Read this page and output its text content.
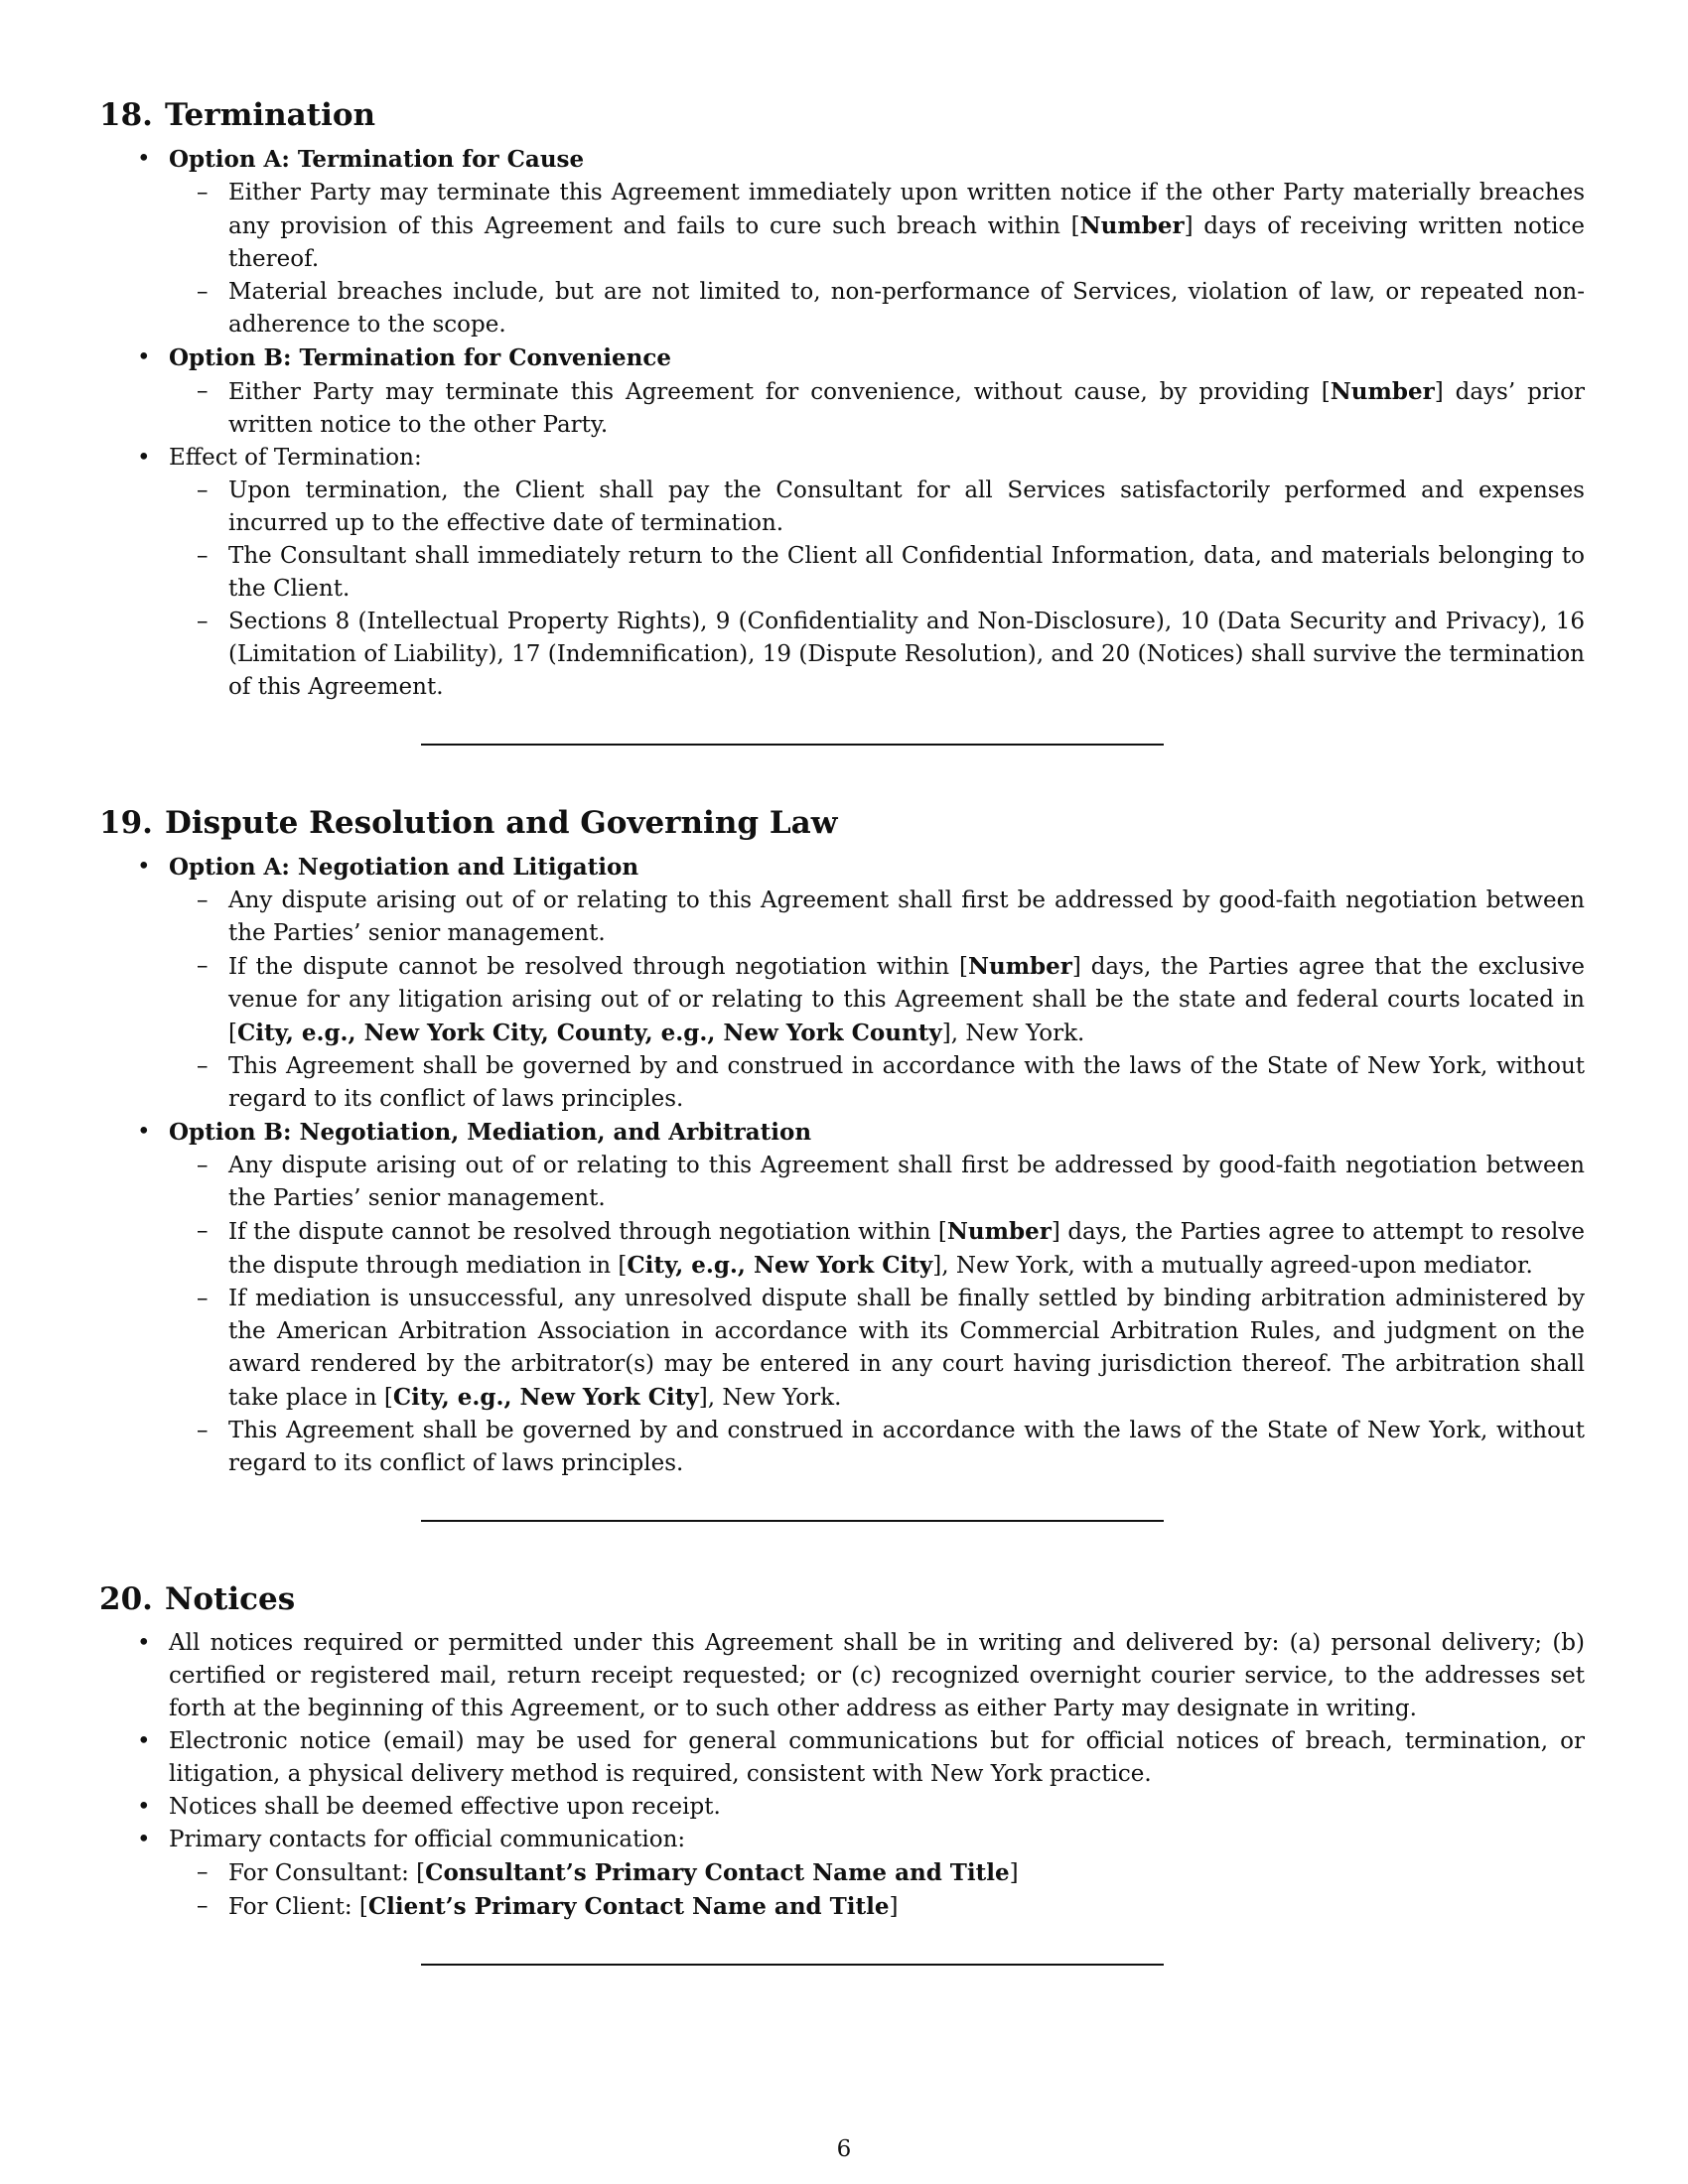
18. Termination
• Option A: Termination for Cause
– Either Party may terminate this Agreement immediately upon written notice if the other Party materially breaches any provision of this Agreement and fails to cure such breach within [Number] days of receiving written notice thereof.
– Material breaches include, but are not limited to, non-performance of Services, violation of law, or repeated non-adherence to the scope.
• Option B: Termination for Convenience
– Either Party may terminate this Agreement for convenience, without cause, by providing [Number] days’ prior written notice to the other Party.
• Effect of Termination:
– Upon termination, the Client shall pay the Consultant for all Services satisfactorily performed and expenses incurred up to the effective date of termination.
– The Consultant shall immediately return to the Client all Confidential Information, data, and materials belonging to the Client.
– Sections 8 (Intellectual Property Rights), 9 (Confidentiality and Non-Disclosure), 10 (Data Security and Privacy), 16 (Limitation of Liability), 17 (Indemnification), 19 (Dispute Resolution), and 20 (Notices) shall survive the termination of this Agreement.
19. Dispute Resolution and Governing Law
• Option A: Negotiation and Litigation
– Any dispute arising out of or relating to this Agreement shall first be addressed by good-faith negotiation between the Parties’ senior management.
– If the dispute cannot be resolved through negotiation within [Number] days, the Parties agree that the exclusive venue for any litigation arising out of or relating to this Agreement shall be the state and federal courts located in [City, e.g., New York City, County, e.g., New York County], New York.
– This Agreement shall be governed by and construed in accordance with the laws of the State of New York, without regard to its conflict of laws principles.
• Option B: Negotiation, Mediation, and Arbitration
– Any dispute arising out of or relating to this Agreement shall first be addressed by good-faith negotiation between the Parties’ senior management.
– If the dispute cannot be resolved through negotiation within [Number] days, the Parties agree to attempt to resolve the dispute through mediation in [City, e.g., New York City], New York, with a mutually agreed-upon mediator.
– If mediation is unsuccessful, any unresolved dispute shall be finally settled by binding arbitration administered by the American Arbitration Association in accordance with its Commercial Arbitration Rules, and judgment on the award rendered by the arbitrator(s) may be entered in any court having jurisdiction thereof. The arbitration shall take place in [City, e.g., New York City], New York.
– This Agreement shall be governed by and construed in accordance with the laws of the State of New York, without regard to its conflict of laws principles.
20. Notices
• All notices required or permitted under this Agreement shall be in writing and delivered by: (a) personal delivery; (b) certified or registered mail, return receipt requested; or (c) recognized overnight courier service, to the addresses set forth at the beginning of this Agreement, or to such other address as either Party may designate in writing.
• Electronic notice (email) may be used for general communications but for official notices of breach, termination, or litigation, a physical delivery method is required, consistent with New York practice.
• Notices shall be deemed effective upon receipt.
• Primary contacts for official communication:
– For Consultant: [Consultant’s Primary Contact Name and Title]
– For Client: [Client’s Primary Contact Name and Title]
6
